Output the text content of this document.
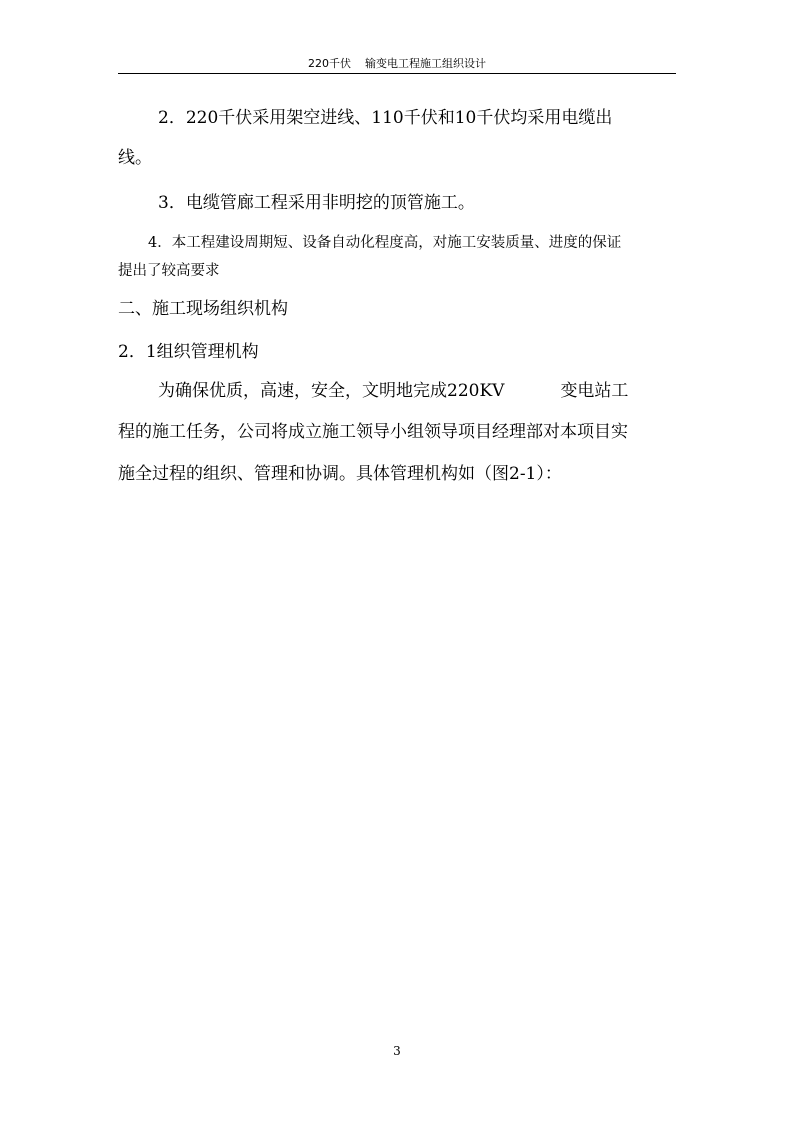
220千伏 输变电工程施工组织设计
2．220千伏采用架空进线、110千伏和10千伏均采用电缆出
线。
3．电缆管廊工程采用非明挖的顶管施工。
4．本工程建设周期短、设备自动化程度高，对施工安装质量、进度的保证
提出了较高要求
二、施工现场组织机构
2．1组织管理机构
为确保优质，高速，安全，文明地完成220KV	变电站工
程的施工任务，公司将成立施工领导小组领导项目经理部对本项目实
施全过程的组织、管理和协调。具体管理机构如（图2-1）：
3
